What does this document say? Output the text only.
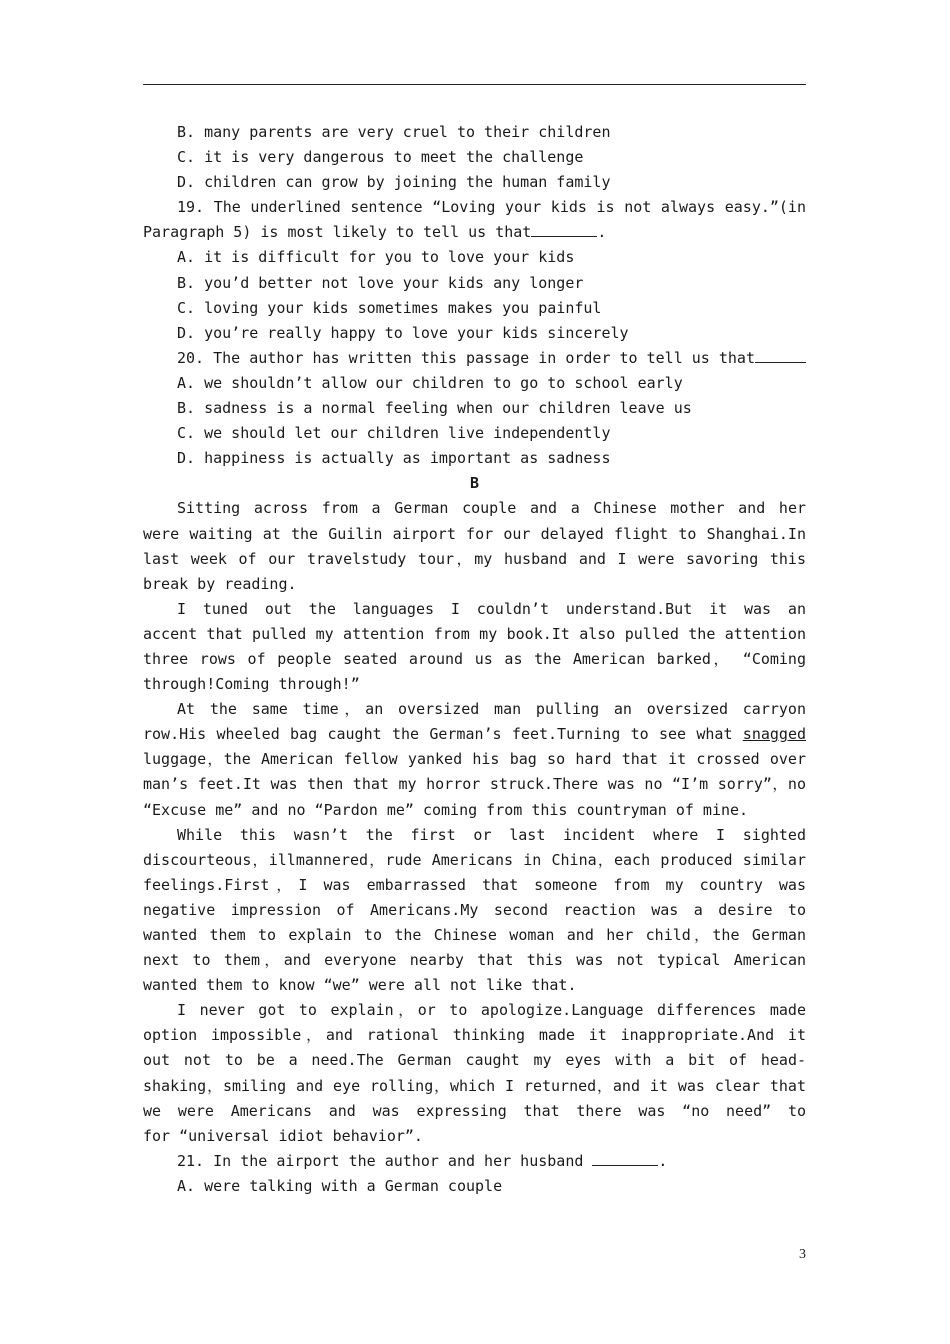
B. many parents are very cruel to their children
C. it is very dangerous to meet the challenge
D. children can grow by joining the human family
19. The underlined sentence “Loving your kids is not always easy.”(in
Paragraph 5) is most likely to tell us that	.
A. it is difficult for you to love your kids
B. you’d better not love your kids any longer
C. loving your kids sometimes makes you painful
D. you’re really happy to love your kids sincerely
20. The author has written this passage in order to tell us that
A. we shouldn’t allow our children to go to school early
B. sadness is a normal feeling when our children leave us
C. we should let our children live independently
D. happiness is actually as important as sadness
B
Sitting across from a German couple and a Chinese mother and her
were waiting at the Guilin airport for our delayed flight to Shanghai.In
last week of our travelstudy tour，my husband and I were savoring this
break by reading.
I tuned out the languages I couldn’t understand.But it was an
accent that pulled my attention from my book.It also pulled the attention
three rows of people seated around us as the American barked， “Coming
through!Coming through!”
At the same time，an oversized man pulling an oversized carryon
row.His wheeled bag caught the German’s feet.Turning to see what snagged
luggage，the American fellow yanked his bag so hard that it crossed over
man’s feet.It was then that my horror struck.There was no “I’m sorry”，no
“Excuse me” and no “Pardon me” coming from this countryman of mine.
While this wasn’t the first or last incident where I sighted
discourteous，illmannered，rude Americans in China，each produced similar
feelings.First，I was embarrassed that someone from my country was
negative impression of Americans.My second reaction was a desire to
wanted them to explain to the Chinese woman and her child，the German
next to them，and everyone nearby that this was not typical American
wanted them to know “we” were all not like that.
I never got to explain，or to apologize.Language differences made
option impossible，and rational thinking made it inappropriate.And it
out not to be a need.The German caught my eyes with a bit of head-
shaking，smiling and eye rolling，which I returned，and it was clear that
we were Americans and was expressing that there was “no need” to
for “universal idiot behavior”.
21. In the airport the author and her husband	.
A. were talking with a German couple
3
